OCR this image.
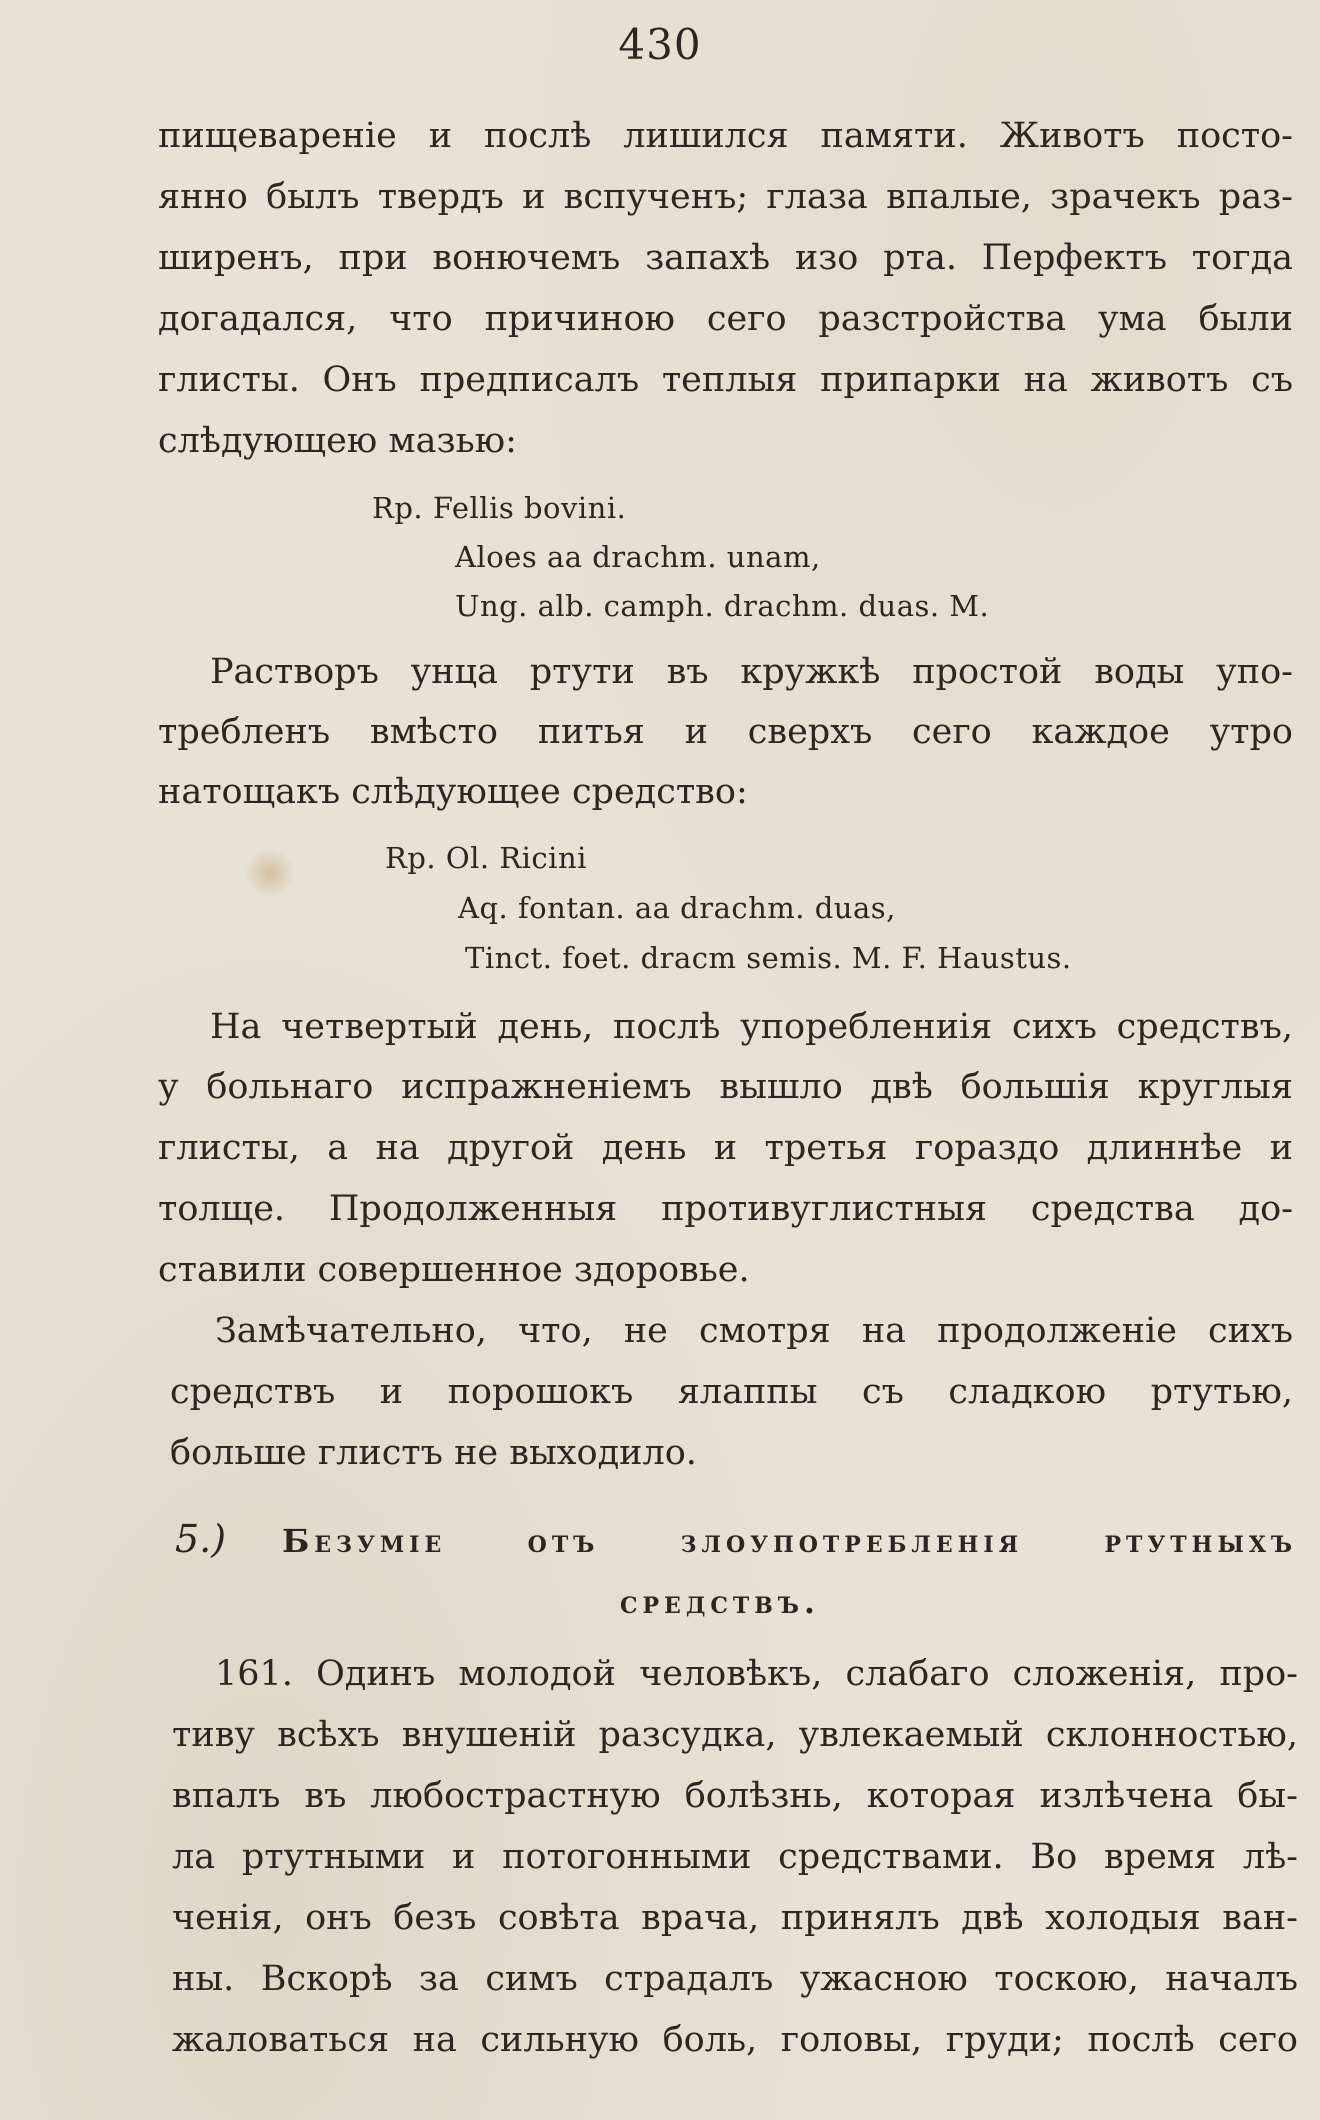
430
пищевареніе и послѣ лишился памяти. Животъ посто-
янно былъ твердъ и вспученъ; глаза впалые, зрачекъ раз-
ширенъ, при вонючемъ запахѣ изо рта. Перфектъ тогда
догадался, что причиною сего разстройства ума были
глисты. Онъ предписалъ теплыя припарки на животъ съ
слѣдующею мазью:
Rp. Fellis bovini.
Aloes aa drachm. unam,
Ung. alb. camph. drachm. duas. M.
Растворъ унца ртути въ кружкѣ простой воды упо-
требленъ вмѣсто питья и сверхъ сего каждое утро
натощакъ слѣдующее средство:
Rp. Ol. Ricini
Aq. fontan. aa drachm. duas,
Tinct. foet. dracm semis. M. F. Haustus.
На четвертый день, послѣ упореблениія сихъ средствъ,
у больнаго испражненіемъ вышло двѣ большія круглыя
глисты, а на другой день и третья гораздо длиннѣе и
толще. Продолженныя противуглистныя средства до-
ставили совершенное здоровье.
Замѣчательно, что, не смотря на продолженіе сихъ
средствъ и порошокъ ялаппы съ сладкою ртутью,
больше глистъ не выходило.
5.) Безуміе отъ злоупотребленія ртутныхъ
средствъ.
161. Одинъ молодой человѣкъ, слабаго сложенія, про-
тиву всѣхъ внушеній разсудка, увлекаемый склонностью,
впалъ въ любострастную болѣзнь, которая излѣчена бы-
ла ртутными и потогонными средствами. Во время лѣ-
ченія, онъ безъ совѣта врача, принялъ двѣ холодыя ван-
ны. Вскорѣ за симъ страдалъ ужасною тоскою, началъ
жаловаться на сильную боль, головы, груди; послѣ сего
